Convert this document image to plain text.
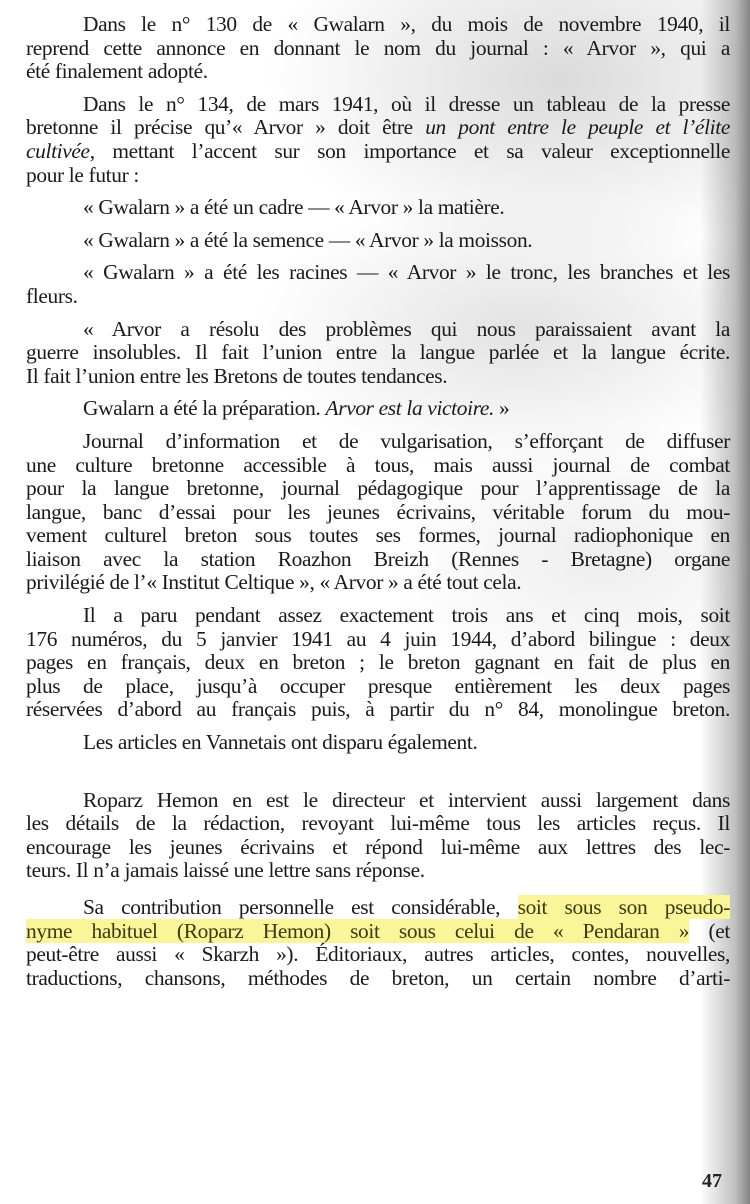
Dans le n° 130 de « Gwalarn », du mois de novembre 1940, il
reprend cette annonce en donnant le nom du journal : « Arvor », qui a
été finalement adopté.
Dans le n° 134, de mars 1941, où il dresse un tableau de la presse
bretonne il précise qu’« Arvor » doit être un pont entre le peuple et l’élite
cultivée, mettant l’accent sur son importance et sa valeur exceptionnelle
pour le futur :
« Gwalarn » a été un cadre — « Arvor » la matière.
« Gwalarn » a été la semence — « Arvor » la moisson.
« Gwalarn » a été les racines — « Arvor » le tronc, les branches et les
fleurs.
« Arvor a résolu des problèmes qui nous paraissaient avant la
guerre insolubles. Il fait l’union entre la langue parlée et la langue écrite.
Il fait l’union entre les Bretons de toutes tendances.
Gwalarn a été la préparation. Arvor est la victoire. »
Journal d’information et de vulgarisation, s’efforçant de diffuser
une culture bretonne accessible à tous, mais aussi journal de combat
pour la langue bretonne, journal pédagogique pour l’apprentissage de la
langue, banc d’essai pour les jeunes écrivains, véritable forum du mou-
vement culturel breton sous toutes ses formes, journal radiophonique en
liaison avec la station Roazhon Breizh (Rennes - Bretagne) organe
privilégié de l’« Institut Celtique », « Arvor » a été tout cela.
Il a paru pendant assez exactement trois ans et cinq mois, soit
176 numéros, du 5 janvier 1941 au 4 juin 1944, d’abord bilingue : deux
pages en français, deux en breton ; le breton gagnant en fait de plus en
plus de place, jusqu’à occuper presque entièrement les deux pages
réservées d’abord au français puis, à partir du n° 84, monolingue breton.
Les articles en Vannetais ont disparu également.
Roparz Hemon en est le directeur et intervient aussi largement dans
les détails de la rédaction, revoyant lui-même tous les articles reçus. Il
encourage les jeunes écrivains et répond lui-même aux lettres des lec-
teurs. Il n’a jamais laissé une lettre sans réponse.
Sa contribution personnelle est considérable, soit sous son pseudo-
nyme habituel (Roparz Hemon) soit sous celui de « Pendaran » (et
peut-être aussi « Skarzh »). Éditoriaux, autres articles, contes, nouvelles,
traductions, chansons, méthodes de breton, un certain nombre d’arti-
47
